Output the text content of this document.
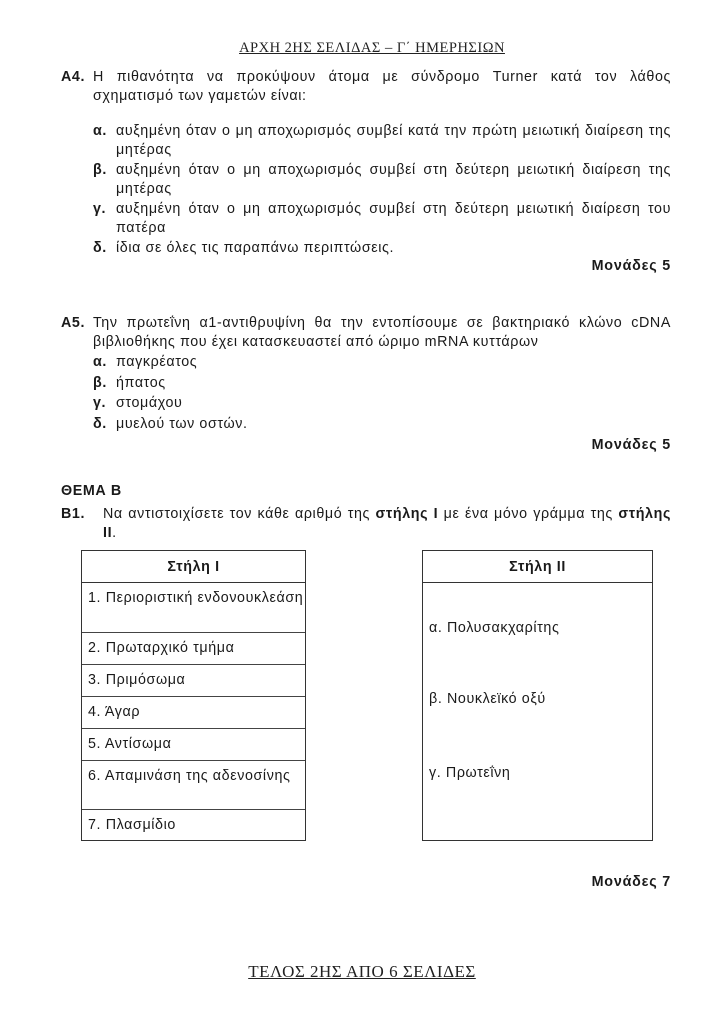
ΑΡΧΗ 2ΗΣ ΣΕΛΙΔΑΣ – Γ΄ ΗΜΕΡΗΣΙΩΝ
Α4. Η πιθανότητα να προκύψουν άτομα με σύνδρομο Turner κατά τον λάθος σχηματισμό των γαμετών είναι:
α. αυξημένη όταν ο μη αποχωρισμός συμβεί κατά την πρώτη μειωτική διαίρεση της μητέρας
β. αυξημένη όταν ο μη αποχωρισμός συμβεί στη δεύτερη μειωτική διαίρεση της μητέρας
γ. αυξημένη όταν ο μη αποχωρισμός συμβεί στη δεύτερη μειωτική διαίρεση του πατέρα
δ. ίδια σε όλες τις παραπάνω περιπτώσεις.
Μονάδες 5
Α5. Την πρωτεΐνη α1-αντιθρυψίνη θα την εντοπίσουμε σε βακτηριακό κλώνο cDNA βιβλιοθήκης που έχει κατασκευαστεί από ώριμο mRNA κυττάρων
α. παγκρέατος
β. ήπατος
γ. στομάχου
δ. μυελού των οστών.
Μονάδες 5
ΘΕΜΑ Β
Β1. Να αντιστοιχίσετε τον κάθε αριθμό της στήλης Ι με ένα μόνο γράμμα της στήλης ΙΙ.
Στήλη Ι
1. Περιοριστική ενδονουκλεάση
2. Πρωταρχικό τμήμα
3. Πριμόσωμα
4. Άγαρ
5. Αντίσωμα
6. Απαμινάση της αδενοσίνης
7. Πλασμίδιο
Στήλη ΙΙ
α. Πολυσακχαρίτης
β. Νουκλεϊκό οξύ
γ. Πρωτεΐνη
Μονάδες 7
ΤΕΛΟΣ 2ΗΣ ΑΠΟ 6 ΣΕΛΙΔΕΣ
